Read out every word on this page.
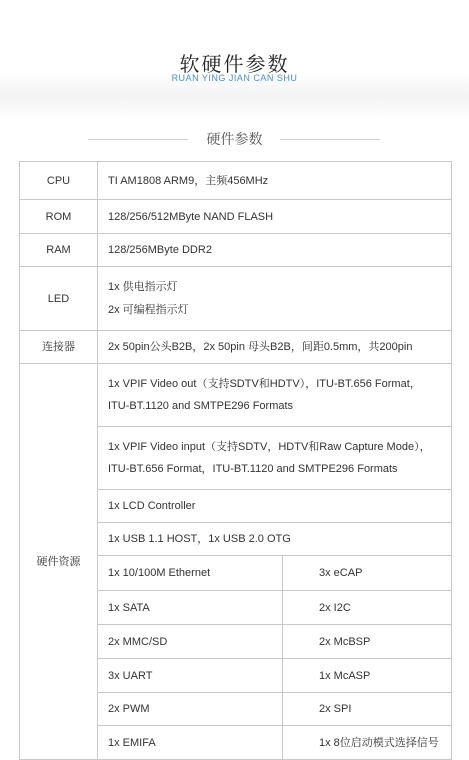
软硬件参数
RUAN YING JIAN CAN SHU
硬件参数
CPU	TI AM1808 ARM9，主频456MHz	
ROM	128/256/512MByte NAND FLASH	
RAM	128/256MByte DDR2	
LED	1x 供电指示灯
2x 可编程指示灯	

连接器	2x 50pin公头B2B，2x 50pin 母头B2B，间距0.5mm，共200pin	
硬件资源	1x VPIF Video out（支持SDTV和HDTV），ITU-BT.656 Format，
ITU-BT.1120 and SMTPE296 Formats	

	1x VPIF Video input（支持SDTV，HDTV和Raw Capture Mode），
ITU-BT.656 Format，ITU-BT.1120 and SMTPE296 Formats	

	1x LCD Controller	
	1x USB 1.1 HOST，1x USB 2.0 OTG	
	1x 10/100M Ethernet	3x eCAP
	1x SATA	2x I2C
	2x MMC/SD	2x McBSP
	3x UART	1x McASP
	2x PWM	2x SPI
	1x EMIFA	1x 8位启动模式选择信号
